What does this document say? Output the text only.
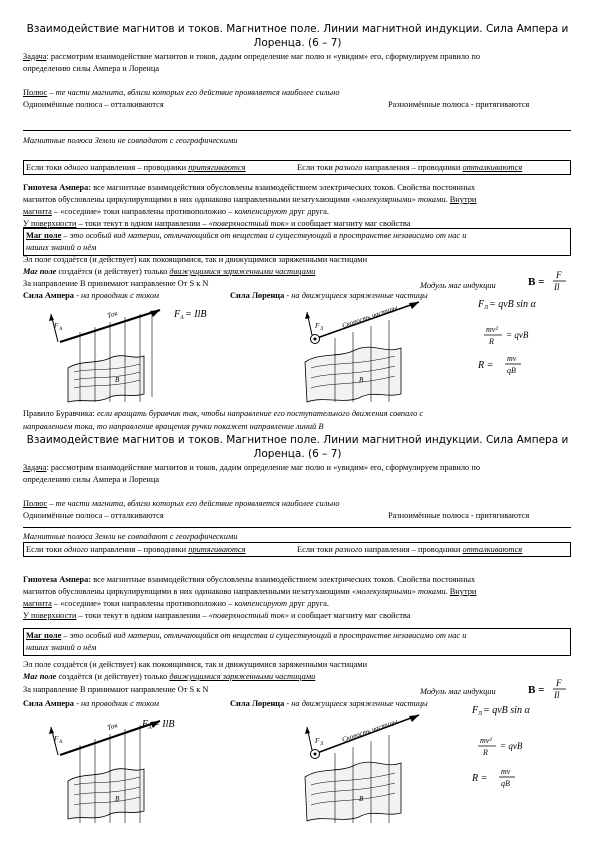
Взаимодействие магнитов и токов. Магнитное поле. Линии магнитной индукции. Сила Ампера и
Лоренца. (6 – 7)
Задача: рассмотрим взаимодействие магнитов и токов, дадим определение маг полю и «увидим» его, сформулируем правило по
определению силы Ампера и Лоренца
Полюс – те части магнита, вблизи которых его действие проявляется наиболее сильно
Одноимённые полюса – отталкиваются	Разноимённые полюса - притягиваются
Магнитные полюса Земли не совпадают с географическими
Если токи одного направления – проводники притягиваются	Если токи разного направления – проводники отталкиваются
Гипотеза Ампера: все магнитные взаимодействия обусловлены взаимодействием электрических токов. Свойства постоянных
магнитов обусловлены циркулирующими в них одинаково направленными незатухающими «молекулярными» токами. Внутри
магнита – «соседние» токи направлены противоположно – компенсируют друг друга.
У поверхности – токи текут в одном направлении – «поверхностный ток» и сообщает магниту маг свойства
Маг поле – это особый вид материи, отличающийся от вещества и существующий в пространстве независимо от нас и
наших знаний о нём
Эл поле создаётся (и действует) как покоящимися, так и движущимися заряженными частицами
Маг поле создаётся (и действует) только движущимися заряженными частицами
За направление В принимают направление От S к N	Модуль маг индукции	B =
F
Il
Сила Ампера - на проводник с током	Сила Лоренца - на движущиеся заряженные частицы
Ток
F A
B
F A = IlB	Скорость частицы
F Л
B
F Л = qvB sin α
mv²
R
= qvB
R =
mv
qB
Правило Буравчика: если вращать буравчик так, чтобы направление его поступательного движения совпало с
направлением тока, то направление вращения ручки покажет направление линий В
Взаимодействие магнитов и токов. Магнитное поле. Линии магнитной индукции. Сила Ампера и
Лоренца. (6 – 7)
Задача: рассмотрим взаимодействие магнитов и токов, дадим определение маг полю и «увидим» его, сформулируем правило по
определению силы Ампера и Лоренца
Полюс – те части магнита, вблизи которых его действие проявляется наиболее сильно
Одноимённые полюса – отталкиваются	Разноимённые полюса - притягиваются
Магнитные полюса Земли не совпадают с географическими
Если токи одного направления – проводники притягиваются	Если токи разного направления – проводники отталкиваются
Гипотеза Ампера: все магнитные взаимодействия обусловлены взаимодействием электрических токов. Свойства постоянных
магнитов обусловлены циркулирующими в них одинаково направленными незатухающими «молекулярными» токами. Внутри
магнита – «соседние» токи направлены противоположно – компенсируют друг друга.
У поверхности – токи текут в одном направлении – «поверхностный ток» и сообщает магниту маг свойства
Маг поле – это особый вид материи, отличающийся от вещества и существующий в пространстве независимо от нас и
наших знаний о нём
Эл поле создаётся (и действует) как покоящимися, так и движущимися заряженными частицами
Маг поле создаётся (и действует) только движущимися заряженными частицами
За направление В принимают направление От S к N	Модуль маг индукции	B =
F
Il
Сила Ампера - на проводник с током	Сила Лоренца - на движущиеся заряженные частицы
Ток
F A
B
F A = IlB	Скорость частицы
F Л
B
F Л = qvB sin α
mv²
R
= qvB
R =
mv
qB
